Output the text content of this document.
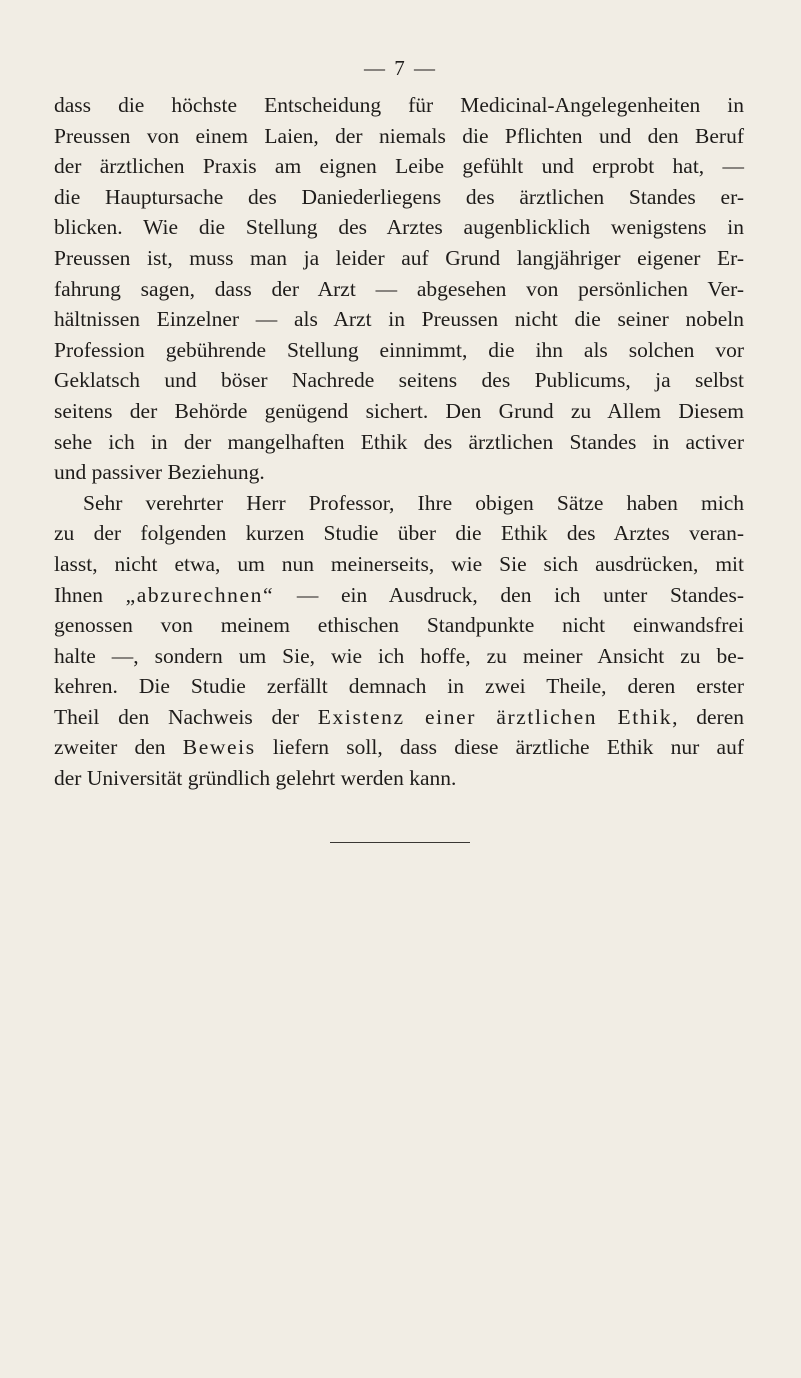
— 7 —
dass die höchste Entscheidung für Medicinal-Angelegenheiten in
Preussen von einem Laien, der niemals die Pflichten und den Beruf
der ärztlichen Praxis am eignen Leibe gefühlt und erprobt hat, —
die Hauptursache des Daniederliegens des ärztlichen Standes er-
blicken. Wie die Stellung des Arztes augenblicklich wenigstens in
Preussen ist, muss man ja leider auf Grund langjähriger eigener Er-
fahrung sagen, dass der Arzt — abgesehen von persönlichen Ver-
hältnissen Einzelner — als Arzt in Preussen nicht die seiner nobeln
Profession gebührende Stellung einnimmt, die ihn als solchen vor
Geklatsch und böser Nachrede seitens des Publicums, ja selbst
seitens der Behörde genügend sichert. Den Grund zu Allem Diesem
sehe ich in der mangelhaften Ethik des ärztlichen Standes in activer
und passiver Beziehung.
Sehr verehrter Herr Professor, Ihre obigen Sätze haben mich
zu der folgenden kurzen Studie über die Ethik des Arztes veran-
lasst, nicht etwa, um nun meinerseits, wie Sie sich ausdrücken, mit
Ihnen „abzurechnen“ — ein Ausdruck, den ich unter Standes-
genossen von meinem ethischen Standpunkte nicht einwandsfrei
halte —, sondern um Sie, wie ich hoffe, zu meiner Ansicht zu be-
kehren. Die Studie zerfällt demnach in zwei Theile, deren erster
Theil den Nachweis der Existenz einer ärztlichen Ethik, deren
zweiter den Beweis liefern soll, dass diese ärztliche Ethik nur auf
der Universität gründlich gelehrt werden kann.
